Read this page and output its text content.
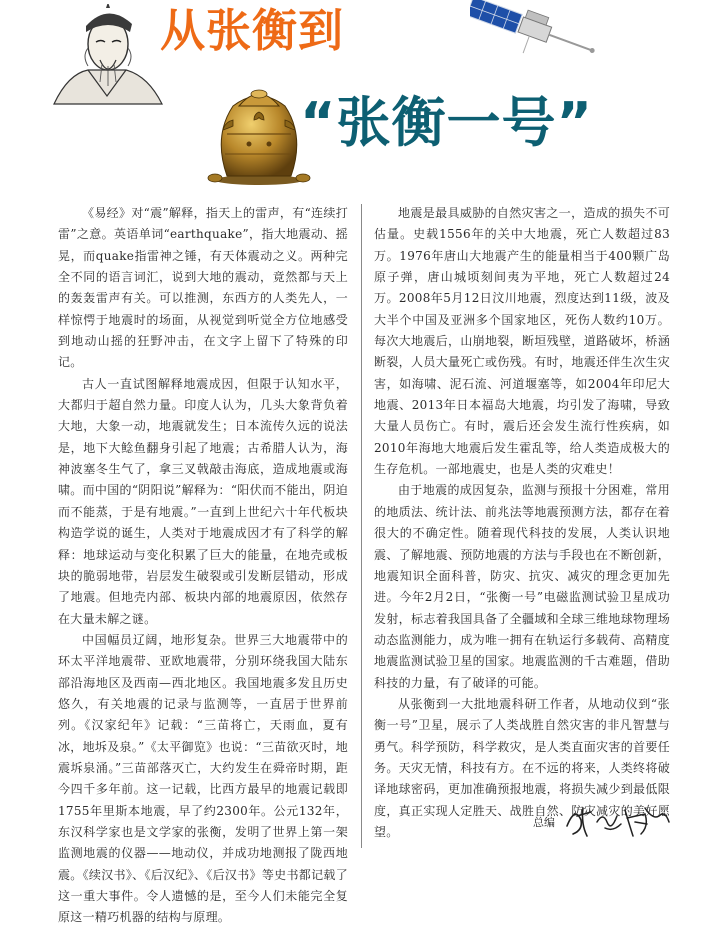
从张衡到
“张衡一号”

《易经》对“震”解释，指天上的雷声，有“连续打雷”之意。英语单词“earthquake”，指大地震动、摇晃，而quake指雷神之锤，有天体震动之义。两种完全不同的语言词汇，说到大地的震动，竟然都与天上的轰轰雷声有关。可以推测，东西方的人类先人，一样惊愕于地震时的场面，从视觉到听觉全方位地感受到地动山摇的狂野冲击，在文字上留下了特殊的印记。

古人一直试图解释地震成因，但限于认知水平，大都归于超自然力量。印度人认为，几头大象背负着大地，大象一动，地震就发生；日本流传久远的说法是，地下大鲶鱼翻身引起了地震；古希腊人认为，海神波塞冬生气了，拿三叉戟敲击海底，造成地震或海啸。而中国的“阴阳说”解释为：“阳伏而不能出，阴迫而不能蒸，于是有地震。”一直到上世纪六十年代板块构造学说的诞生，人类对于地震成因才有了科学的解释：地球运动与变化积累了巨大的能量，在地壳或板块的脆弱地带，岩层发生破裂或引发断层错动，形成了地震。但地壳内部、板块内部的地震原因，依然存在大量未解之谜。

中国幅员辽阔，地形复杂。世界三大地震带中的环太平洋地震带、亚欧地震带，分别环绕我国大陆东部沿海地区及西南—西北地区。我国地震多发且历史悠久，有关地震的记录与监测等，一直居于世界前列。《汉家纪年》记载：“三苗将亡，天雨血，夏有冰，地坼及泉。”《太平御览》也说：“三苗欲灭时，地震坼泉涌。”三苗部落灭亡，大约发生在舜帝时期，距今四千多年前。这一记载，比西方最早的地震记载即1755年里斯本地震，早了约2300年。公元132年，东汉科学家也是文学家的张衡，发明了世界上第一架监测地震的仪器——地动仪，并成功地测报了陇西地震。《续汉书》、《后汉纪》、《后汉书》等史书都记载了这一重大事件。令人遗憾的是，至今人们未能完全复原这一精巧机器的结构与原理。

地震是最具威胁的自然灾害之一，造成的损失不可估量。史载1556年的关中大地震，死亡人数超过83万。1976年唐山大地震产生的能量相当于400颗广岛原子弹，唐山城顷刻间夷为平地，死亡人数超过24万。2008年5月12日汶川地震，烈度达到11级，波及大半个中国及亚洲多个国家地区，死伤人数约10万。每次大地震后，山崩地裂，断垣残壁，道路破坏，桥涵断裂，人员大量死亡或伤残。有时，地震还伴生次生灾害，如海啸、泥石流、河道堰塞等，如2004年印尼大地震、2013年日本福岛大地震，均引发了海啸，导致大量人员伤亡。有时，震后还会发生流行性疾病，如2010年海地大地震后发生霍乱等，给人类造成极大的生存危机。一部地震史，也是人类的灾难史！

由于地震的成因复杂，监测与预报十分困难，常用的地质法、统计法、前兆法等地震预测方法，都存在着很大的不确定性。随着现代科技的发展，人类认识地震、了解地震、预防地震的方法与手段也在不断创新，地震知识全面科普，防灾、抗灾、减灾的理念更加先进。今年2月2日，“张衡一号”电磁监测试验卫星成功发射，标志着我国具备了全疆域和全球三维地球物理场动态监测能力，成为唯一拥有在轨运行多载荷、高精度地震监测试验卫星的国家。地震监测的千古难题，借助科技的力量，有了破译的可能。

从张衡到一大批地震科研工作者，从地动仪到“张衡一号”卫星，展示了人类战胜自然灾害的非凡智慧与勇气。科学预防，科学救灾，是人类直面灾害的首要任务。天灾无情，科技有方。在不远的将来，人类终将破译地球密码，更加准确预报地震，将损失减少到最低限度，真正实现人定胜天、战胜自然、防灾减灾的美好愿望。

总编
